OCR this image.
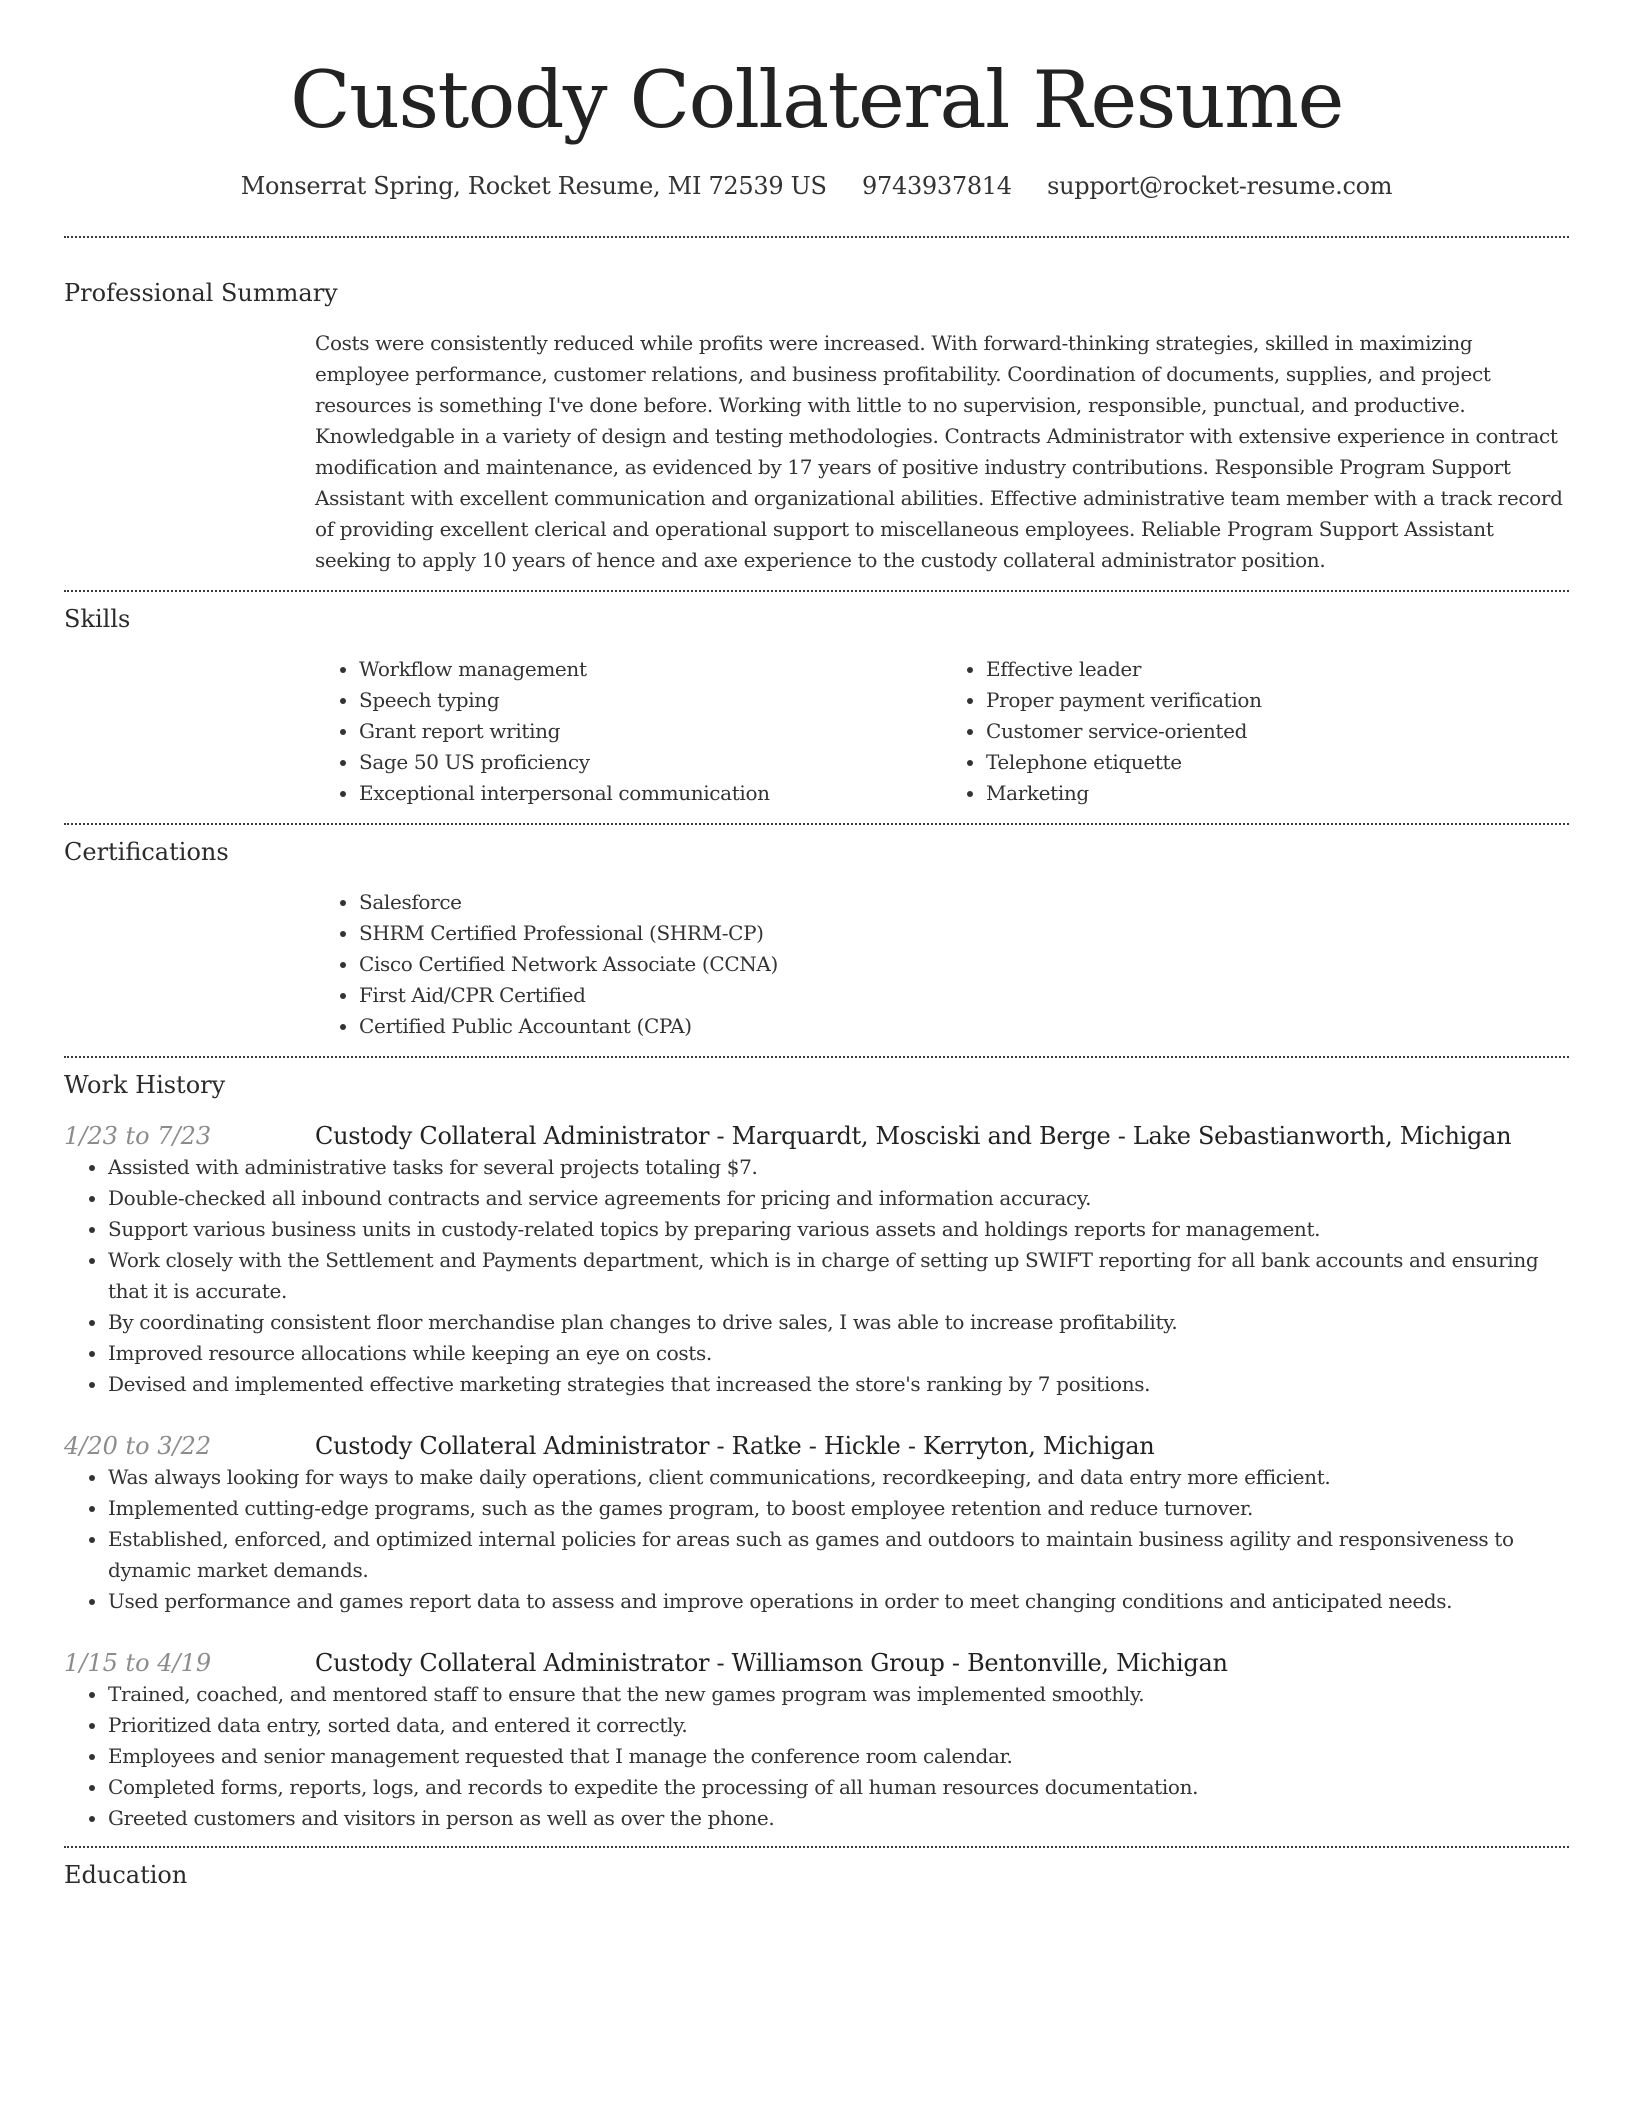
Custody Collateral Resume
Monserrat Spring, Rocket Resume, MI 72539 US 9743937814 support@rocket-resume.com
Professional Summary

Costs were consistently reduced while profits were increased. With forward-thinking strategies, skilled in maximizing employee performance, customer relations, and business profitability. Coordination of documents, supplies, and project resources is something I've done before. Working with little to no supervision, responsible, punctual, and productive. Knowledgable in a variety of design and testing methodologies. Contracts Administrator with extensive experience in contract modification and maintenance, as evidenced by 17 years of positive industry contributions. Responsible Program Support Assistant with excellent communication and organizational abilities. Effective administrative team member with a track record of providing excellent clerical and operational support to miscellaneous employees. Reliable Program Support Assistant seeking to apply 10 years of hence and axe experience to the custody collateral administrator position.

Skills
• Workflow management
• Speech typing
• Grant report writing
• Sage 50 US proficiency
• Exceptional interpersonal communication
• Effective leader
• Proper payment verification
• Customer service-oriented
• Telephone etiquette
• Marketing
Certifications
• Salesforce
• SHRM Certified Professional (SHRM-CP)
• Cisco Certified Network Associate (CCNA)
• First Aid/CPR Certified
• Certified Public Accountant (CPA)
Work History
1/23 to 7/23	Custody Collateral Administrator - Marquardt, Mosciski and Berge - Lake Sebastianworth, Michigan
• Assisted with administrative tasks for several projects totaling $7.
• Double-checked all inbound contracts and service agreements for pricing and information accuracy.
• Support various business units in custody-related topics by preparing various assets and holdings reports for management.
• Work closely with the Settlement and Payments department, which is in charge of setting up SWIFT reporting for all bank accounts and ensuring that it is accurate.
• By coordinating consistent floor merchandise plan changes to drive sales, I was able to increase profitability.
• Improved resource allocations while keeping an eye on costs.
• Devised and implemented effective marketing strategies that increased the store's ranking by 7 positions.
4/20 to 3/22	Custody Collateral Administrator - Ratke - Hickle - Kerryton, Michigan
• Was always looking for ways to make daily operations, client communications, recordkeeping, and data entry more efficient.
• Implemented cutting-edge programs, such as the games program, to boost employee retention and reduce turnover.
• Established, enforced, and optimized internal policies for areas such as games and outdoors to maintain business agility and responsiveness to dynamic market demands.
• Used performance and games report data to assess and improve operations in order to meet changing conditions and anticipated needs.
1/15 to 4/19	Custody Collateral Administrator - Williamson Group - Bentonville, Michigan
• Trained, coached, and mentored staff to ensure that the new games program was implemented smoothly.
• Prioritized data entry, sorted data, and entered it correctly.
• Employees and senior management requested that I manage the conference room calendar.
• Completed forms, reports, logs, and records to expedite the processing of all human resources documentation.
• Greeted customers and visitors in person as well as over the phone.
Education
